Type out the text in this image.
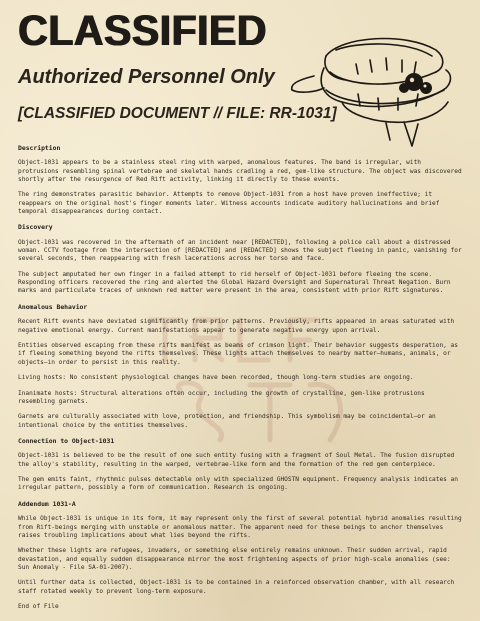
CLASSIFIED
Authorized Personnel Only
[CLASSIFIED DOCUMENT // FILE: RR-1031]
Description

Object-1031 appears to be a stainless steel ring with warped, anomalous features. The band is irregular, with protrusions resembling spinal vertebrae and skeletal hands cradling a red, gem-like structure. The object was discovered shortly after the resurgence of Red Rift activity, linking it directly to these events.

The ring demonstrates parasitic behavior. Attempts to remove Object-1031 from a host have proven ineffective; it reappears on the original host's finger moments later. Witness accounts indicate auditory hallucinations and brief temporal disappearances during contact.

Discovery

Object-1031 was recovered in the aftermath of an incident near [REDACTED], following a police call about a distressed woman. CCTV footage from the intersection of [REDACTED] and [REDACTED] shows the subject fleeing in panic, vanishing for several seconds, then reappearing with fresh lacerations across her torso and face.

The subject amputated her own finger in a failed attempt to rid herself of Object-1031 before fleeing the scene. Responding officers recovered the ring and alerted the Global Hazard Oversight and Supernatural Threat Negation. Burn marks and particulate traces of unknown red matter were present in the area, consistent with prior Rift signatures.

Anomalous Behavior

Recent Rift events have deviated significantly from prior patterns. Previously, rifts appeared in areas saturated with negative emotional energy. Current manifestations appear to generate negative energy upon arrival.

Entities observed escaping from these rifts manifest as beams of crimson light. Their behavior suggests desperation, as if fleeing something beyond the rifts themselves. These lights attach themselves to nearby matter—humans, animals, or objects—in order to persist in this reality.

Living hosts: No consistent physiological changes have been recorded, though long-term studies are ongoing.

Inanimate hosts: Structural alterations often occur, including the growth of crystalline, gem-like protrusions resembling garnets.

Garnets are culturally associated with love, protection, and friendship. This symbolism may be coincidental—or an intentional choice by the entities themselves.

Connection to Object-1031

Object-1031 is believed to be the result of one such entity fusing with a fragment of Soul Metal. The fusion disrupted the alloy's stability, resulting in the warped, vertebrae-like form and the formation of the red gem centerpiece.

The gem emits faint, rhythmic pulses detectable only with specialized GHOSTN equipment. Frequency analysis indicates an irregular pattern, possibly a form of communication. Research is ongoing.

Addendum 1031-A

While Object-1031 is unique in its form, it may represent only the first of several potential hybrid anomalies resulting from Rift-beings merging with unstable or anomalous matter. The apparent need for these beings to anchor themselves raises troubling implications about what lies beyond the rifts.

Whether these lights are refugees, invaders, or something else entirely remains unknown. Their sudden arrival, rapid devastation, and equally sudden disappearance mirror the most frightening aspects of prior high-scale anomalies (see: Sun Anomaly - File SA-01-2007).

Until further data is collected, Object-1031 is to be contained in a reinforced observation chamber, with all research staff rotated weekly to prevent long-term exposure.

End of File
